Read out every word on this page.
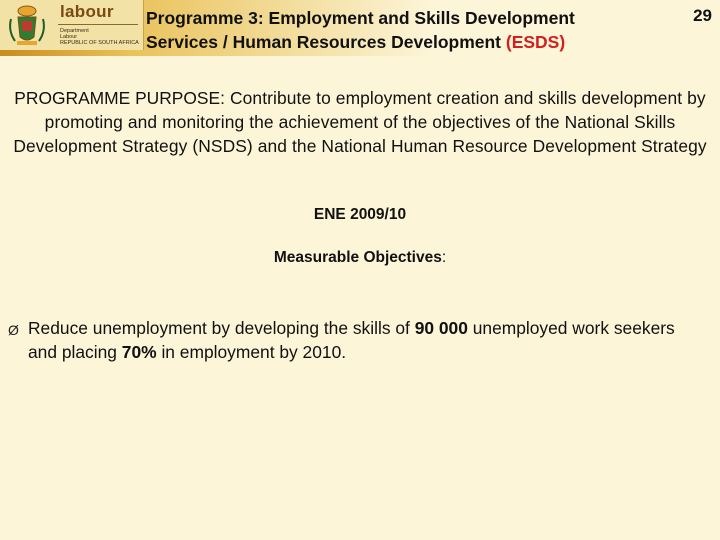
labour
Department
Labour
REPUBLIC OF SOUTH AFRICA
Programme 3: Employment and Skills Development
Services / Human Resources Development (ESDS)
29
PROGRAMME PURPOSE: Contribute to employment creation and skills development by promoting and monitoring the achievement of the objectives of the National Skills Development Strategy (NSDS) and the National Human Resource Development Strategy
ENE 2009/10
Measurable Objectives:
Ø Reduce unemployment by developing the skills of 90 000 unemployed work seekers and placing 70% in employment by 2010.
